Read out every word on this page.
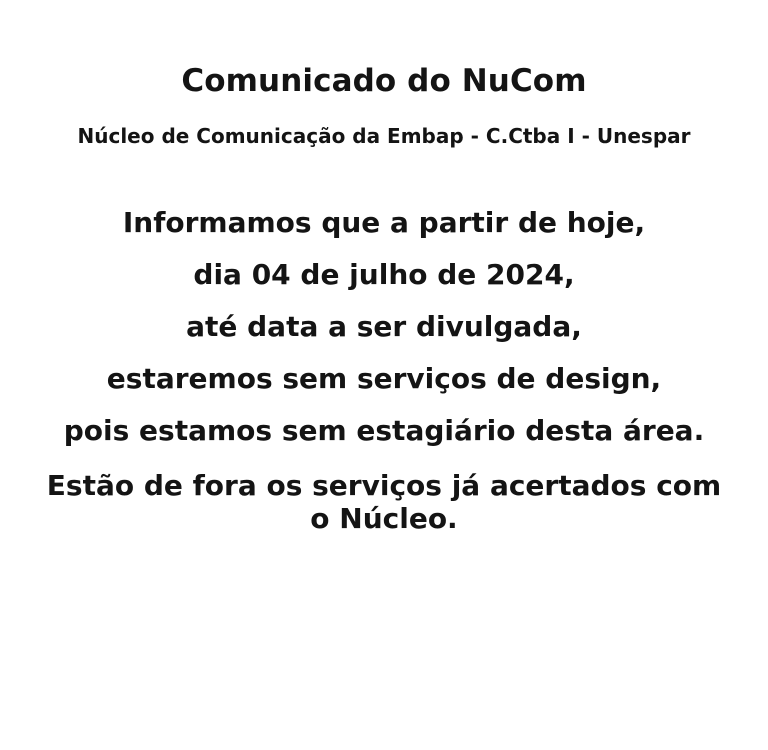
Comunicado do NuCom
Núcleo de Comunicação da Embap - C.Ctba I - Unespar

Informamos que a partir de hoje,

dia 04 de julho de 2024,

até data a ser divulgada,

estaremos sem serviços de design,

pois estamos sem estagiário desta área.

Estão de fora os serviços já acertados com o Núcleo.
